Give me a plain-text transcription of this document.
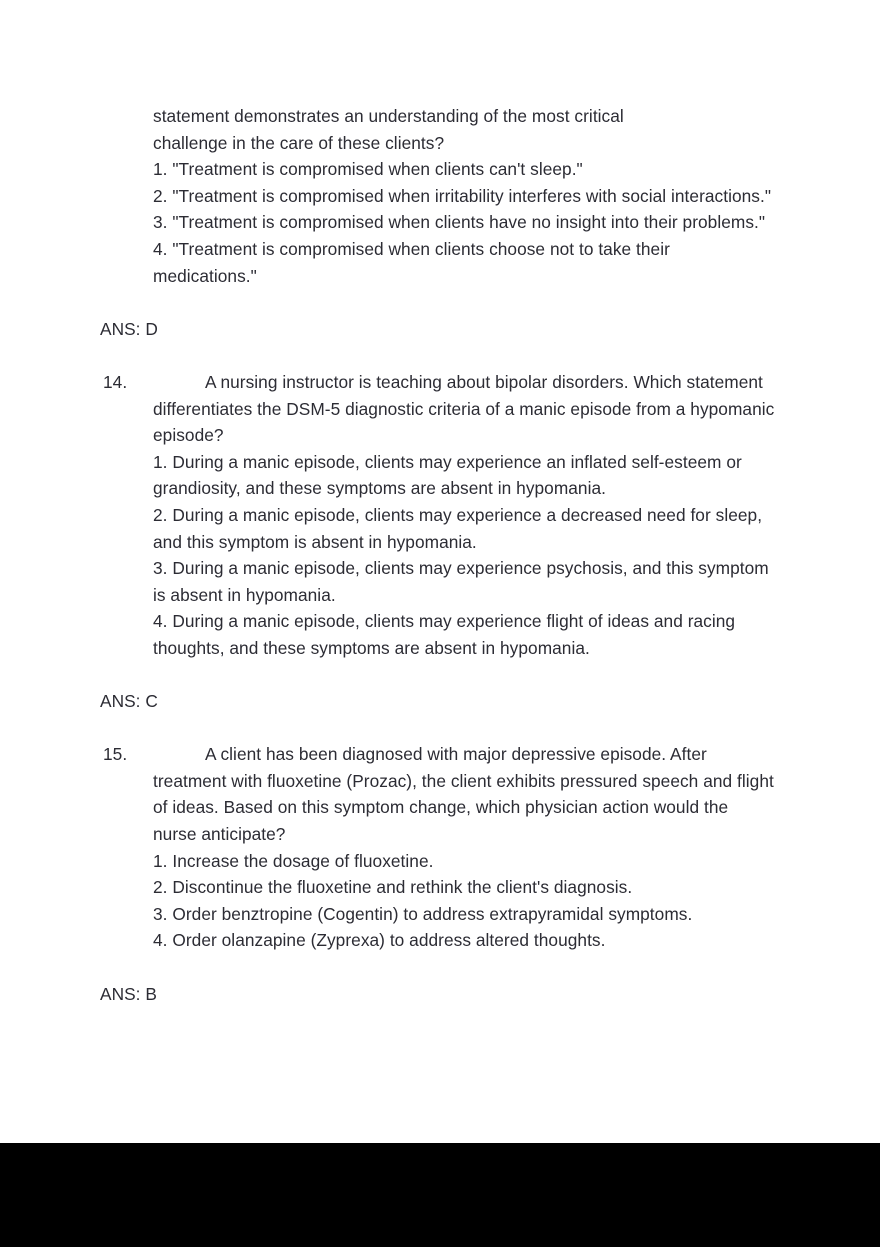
statement demonstrates an understanding of the most critical

challenge in the care of these clients?

1. "Treatment is compromised when clients can't sleep."

2. "Treatment is compromised when irritability interferes with social interactions."

3. "Treatment is compromised when clients have no insight into their problems."

4. "Treatment is compromised when clients choose not to take their medications."

ANS: D

14.	A nursing instructor is teaching about bipolar disorders. Which statement differentiates the DSM-5 diagnostic criteria of a manic episode from a hypomanic episode?

1. During a manic episode, clients may experience an inflated self-esteem or grandiosity, and these symptoms are absent in hypomania.

2. During a manic episode, clients may experience a decreased need for sleep, and this symptom is absent in hypomania.

3. During a manic episode, clients may experience psychosis, and this symptom is absent in hypomania.

4. During a manic episode, clients may experience flight of ideas and racing thoughts, and these symptoms are absent in hypomania.

ANS: C

15.	A client has been diagnosed with major depressive episode. After treatment with fluoxetine (Prozac), the client exhibits pressured speech and flight of ideas. Based on this symptom change, which physician action would the nurse anticipate?

1. Increase the dosage of fluoxetine.

2. Discontinue the fluoxetine and rethink the client's diagnosis.

3. Order benztropine (Cogentin) to address extrapyramidal symptoms.

4. Order olanzapine (Zyprexa) to address altered thoughts.

ANS: B
